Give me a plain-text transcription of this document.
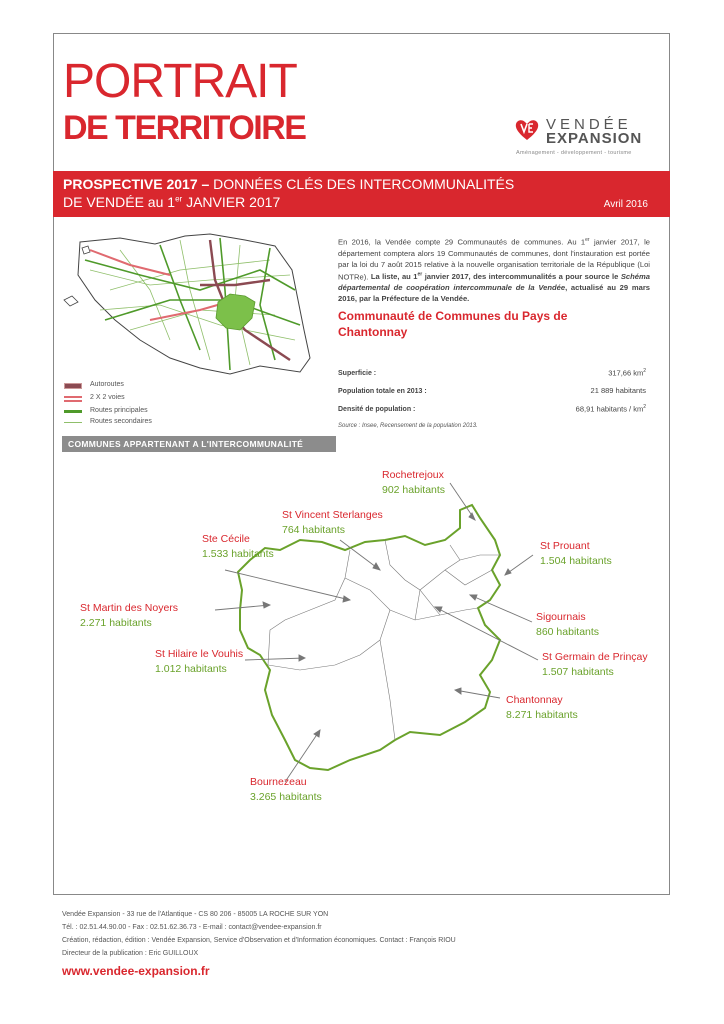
PORTRAIT
DE TERRITOIRE	VENDÉE
EXPANSION
Aménagement - développement - tourisme
PROSPECTIVE 2017 – DONNÉES CLÉS DES INTERCOMMUNALITÉS
DE VENDÉE au 1er JANVIER 2017	Avril 2016
Autoroutes
2 X 2 voies
Routes principales
Routes secondaires
En 2016, la Vendée compte 29 Communautés de communes. Au 1er janvier 2017, le département comptera alors 19 Communautés de communes, dont l'instauration est portée par la loi du 7 août 2015 relative à la nouvelle organisation territoriale de la République (Loi NOTRe). La liste, au 1er janvier 2017, des intercommunalités a pour source le Schéma départemental de coopération intercommunale de la Vendée, actualisé au 29 mars 2016, par la Préfecture de la Vendée.
Communauté de Communes du Pays de Chantonnay
Superficie :	317,66 $km^2$
Population totale en 2013 :	21 889 habitants
Densité de population :	68,91 habitants / $km^2$
Source : Insee, Recensement de la population 2013.
COMMUNES APPARTENANT A L'INTERCOMMUNALITÉ
Rochetrejoux
902 habitants
St Vincent Sterlanges
764 habitants
Ste Cécile
1.533 habitants
St Prouant
1.504 habitants
St Martin des Noyers
2.271 habitants	Sigournais
860 habitants
St Hilaire le Vouhis
1.012 habitants
St Germain de Prinçay
1.507 habitants
Chantonnay
8.271 habitants
Bournezeau
3.265 habitants
Vendée Expansion - 33 rue de l'Atlantique - CS 80 206 - 85005 LA ROCHE SUR YON
Tél. : 02.51.44.90.00 - Fax : 02.51.62.36.73 - E-mail : contact@vendee-expansion.fr
Création, rédaction, édition : Vendée Expansion, Service d'Observation et d'Information économiques. Contact : François RIOU
Directeur de la publication : Eric GUILLOUX
www.vendee-expansion.fr
